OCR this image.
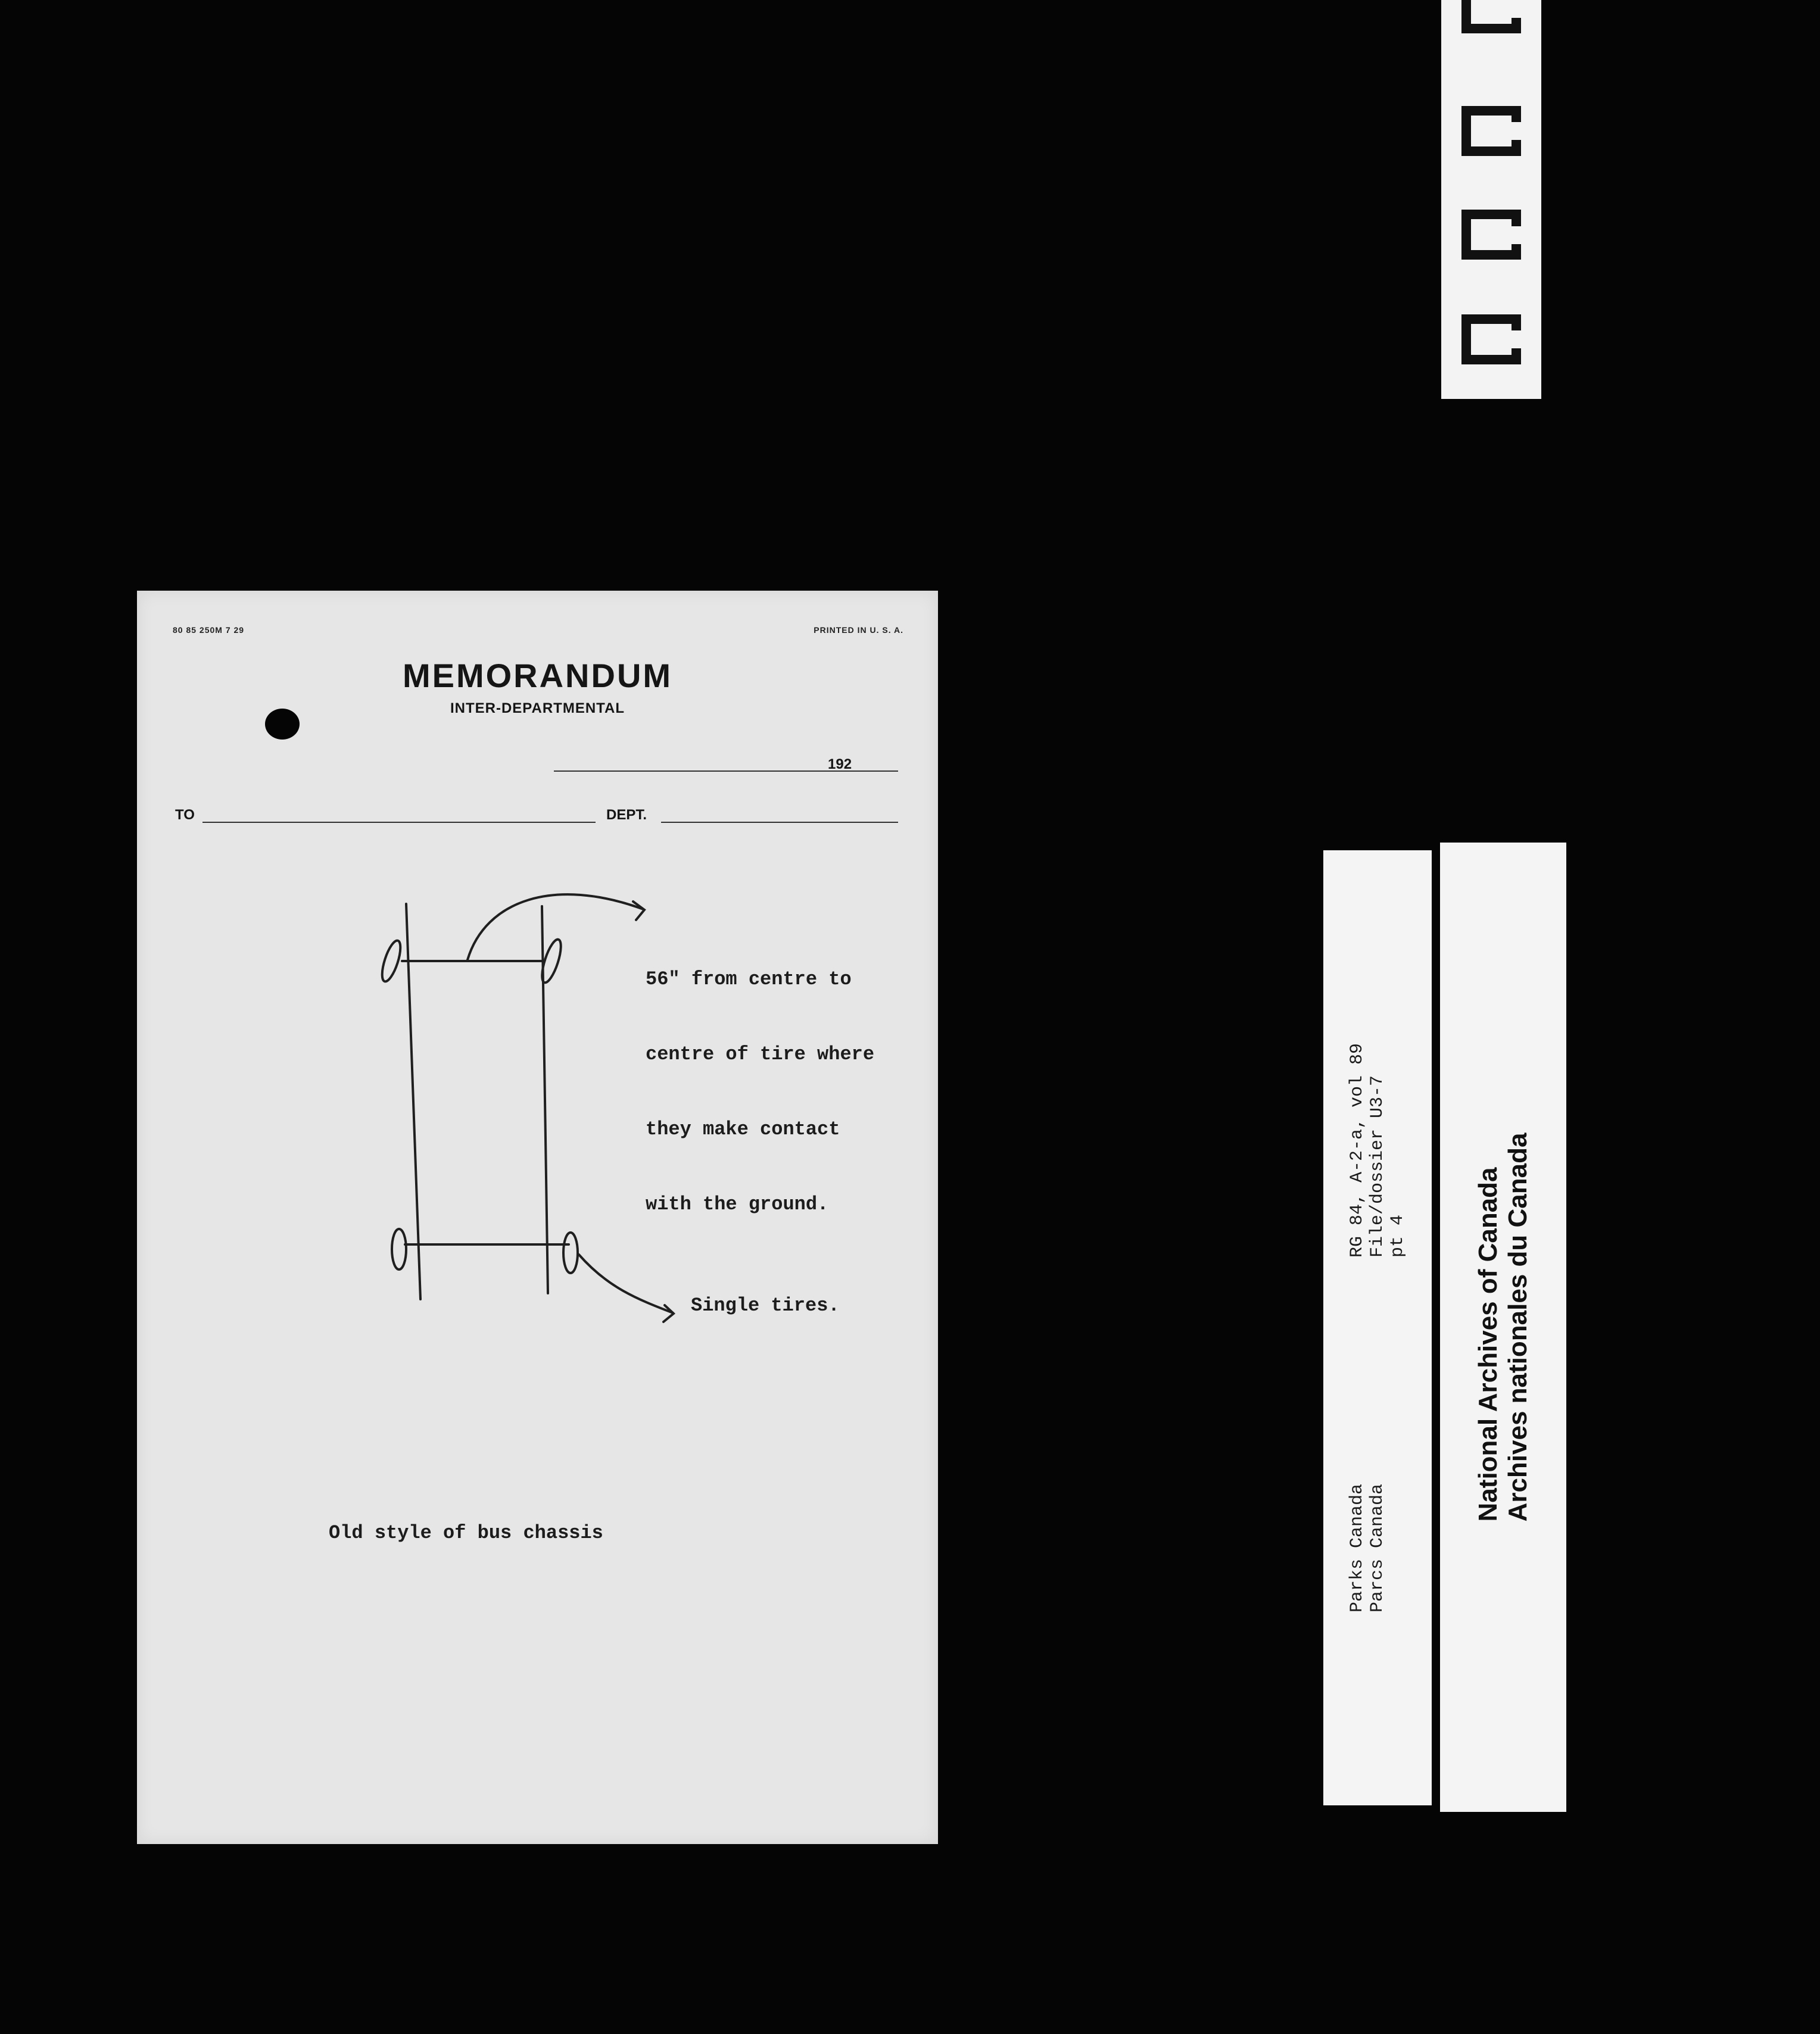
80 85 250M 7 29	PRINTED IN U. S. A.
MEMORANDUM
INTER-DEPARTMENTAL
192
TO	DEPT.

56" from centre to

centre of tire where

they make contact

with the ground.

Single tires.
Old style of bus chassis	Parks Canada Parcs Canada
RG 84, A-2-a, vol 89 File/dossier U3-7 pt 4	National Archives of Canada Archives nationales du Canada
